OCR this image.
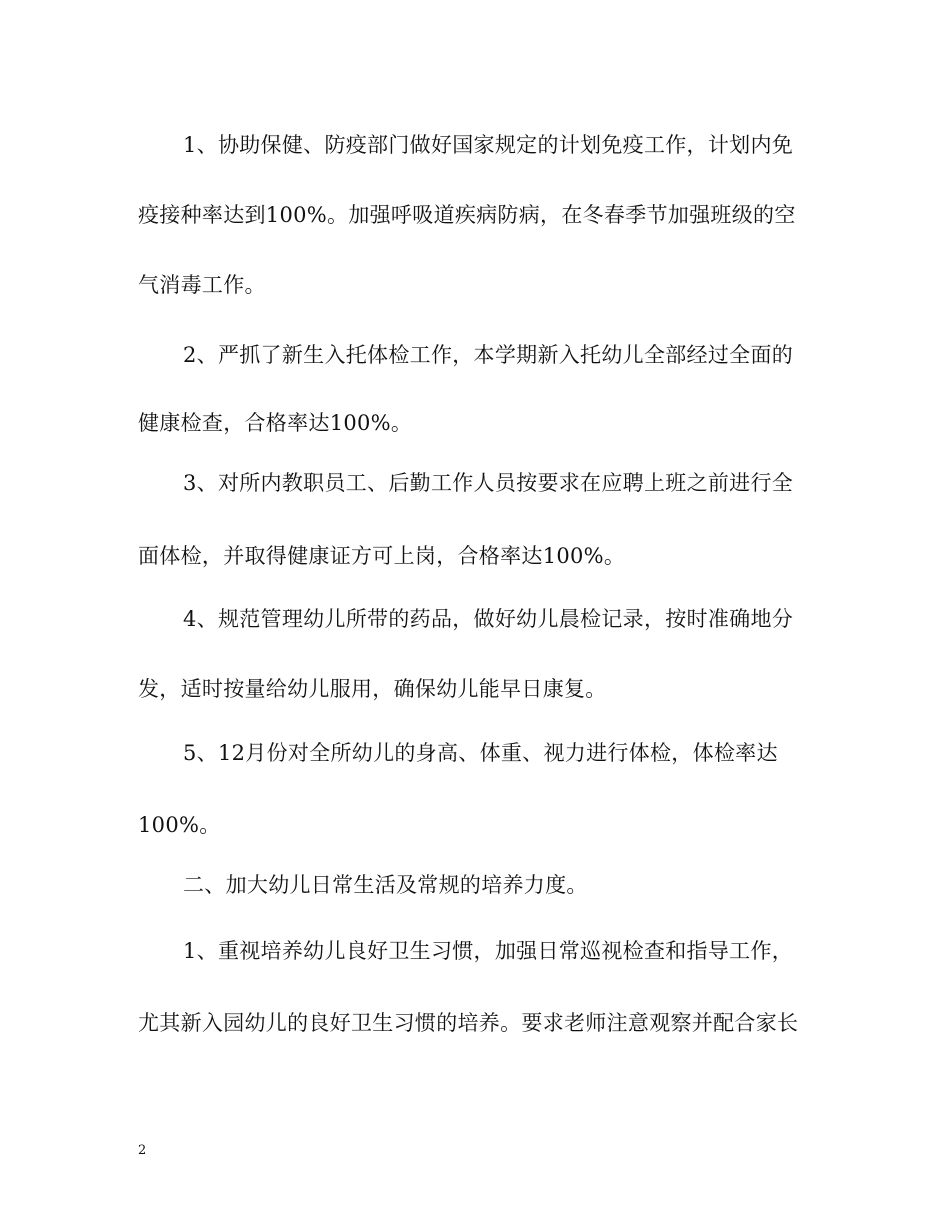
1、协助保健、防疫部门做好国家规定的计划免疫工作，计划内免
疫接种率达到100%。加强呼吸道疾病防病，在冬春季节加强班级的空
气消毒工作。
2、严抓了新生入托体检工作，本学期新入托幼儿全部经过全面的
健康检查，合格率达100%。
3、对所内教职员工、后勤工作人员按要求在应聘上班之前进行全
面体检，并取得健康证方可上岗，合格率达100%。
4、规范管理幼儿所带的药品，做好幼儿晨检记录，按时准确地分
发，适时按量给幼儿服用，确保幼儿能早日康复。
5、12月份对全所幼儿的身高、体重、视力进行体检，体检率达
100%。
二、加大幼儿日常生活及常规的培养力度。
1、重视培养幼儿良好卫生习惯，加强日常巡视检查和指导工作，
尤其新入园幼儿的良好卫生习惯的培养。要求老师注意观察并配合家长
2
